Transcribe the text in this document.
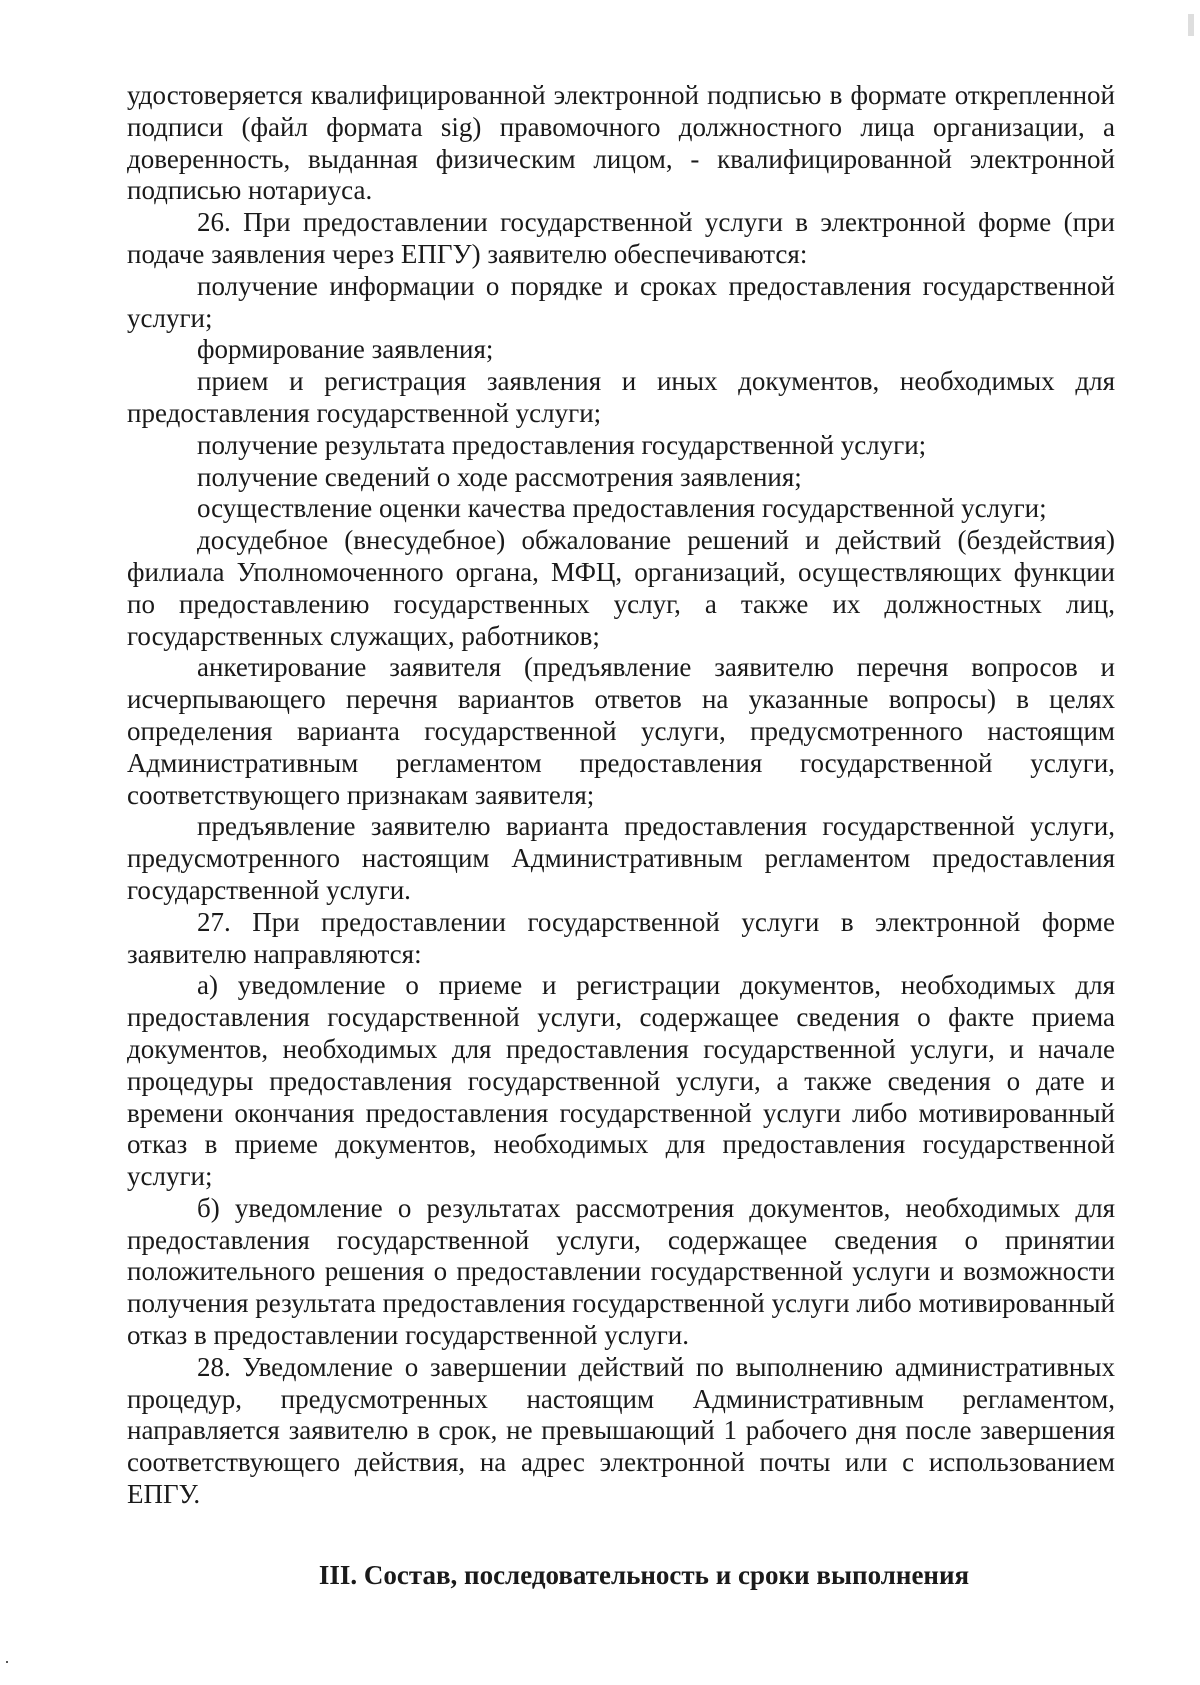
удостоверяется квалифицированной электронной подписью в формате открепленной подписи (файл формата sig) правомочного должностного лица организации, а доверенность, выданная физическим лицом, - квалифицированной электронной подписью нотариуса.

26. При предоставлении государственной услуги в электронной форме (при подаче заявления через ЕПГУ) заявителю обеспечиваются:

получение информации о порядке и сроках предоставления государственной услуги;

формирование заявления;

прием и регистрация заявления и иных документов, необходимых для предоставления государственной услуги;

получение результата предоставления государственной услуги;

получение сведений о ходе рассмотрения заявления;

осуществление оценки качества предоставления государственной услуги;

досудебное (внесудебное) обжалование решений и действий (бездействия) филиала Уполномоченного органа, МФЦ, организаций, осуществляющих функции по предоставлению государственных услуг, а также их должностных лиц, государственных служащих, работников;

анкетирование заявителя (предъявление заявителю перечня вопросов и исчерпывающего перечня вариантов ответов на указанные вопросы) в целях определения варианта государственной услуги, предусмотренного настоящим Административным регламентом предоставления государственной услуги, соответствующего признакам заявителя;

предъявление заявителю варианта предоставления государственной услуги, предусмотренного настоящим Административным регламентом предоставления государственной услуги.

27. При предоставлении государственной услуги в электронной форме заявителю направляются:

а) уведомление о приеме и регистрации документов, необходимых для предоставления государственной услуги, содержащее сведения о факте приема документов, необходимых для предоставления государственной услуги, и начале процедуры предоставления государственной услуги, а также сведения о дате и времени окончания предоставления государственной услуги либо мотивированный отказ в приеме документов, необходимых для предоставления государственной услуги;

б) уведомление о результатах рассмотрения документов, необходимых для предоставления государственной услуги, содержащее сведения о принятии положительного решения о предоставлении государственной услуги и возможности получения результата предоставления государственной услуги либо мотивированный отказ в предоставлении государственной услуги.

28. Уведомление о завершении действий по выполнению административных процедур, предусмотренных настоящим Административным регламентом, направляется заявителю в срок, не превышающий 1 рабочего дня после завершения соответствующего действия, на адрес электронной почты или с использованием ЕПГУ.

III. Состав, последовательность и сроки выполнения
